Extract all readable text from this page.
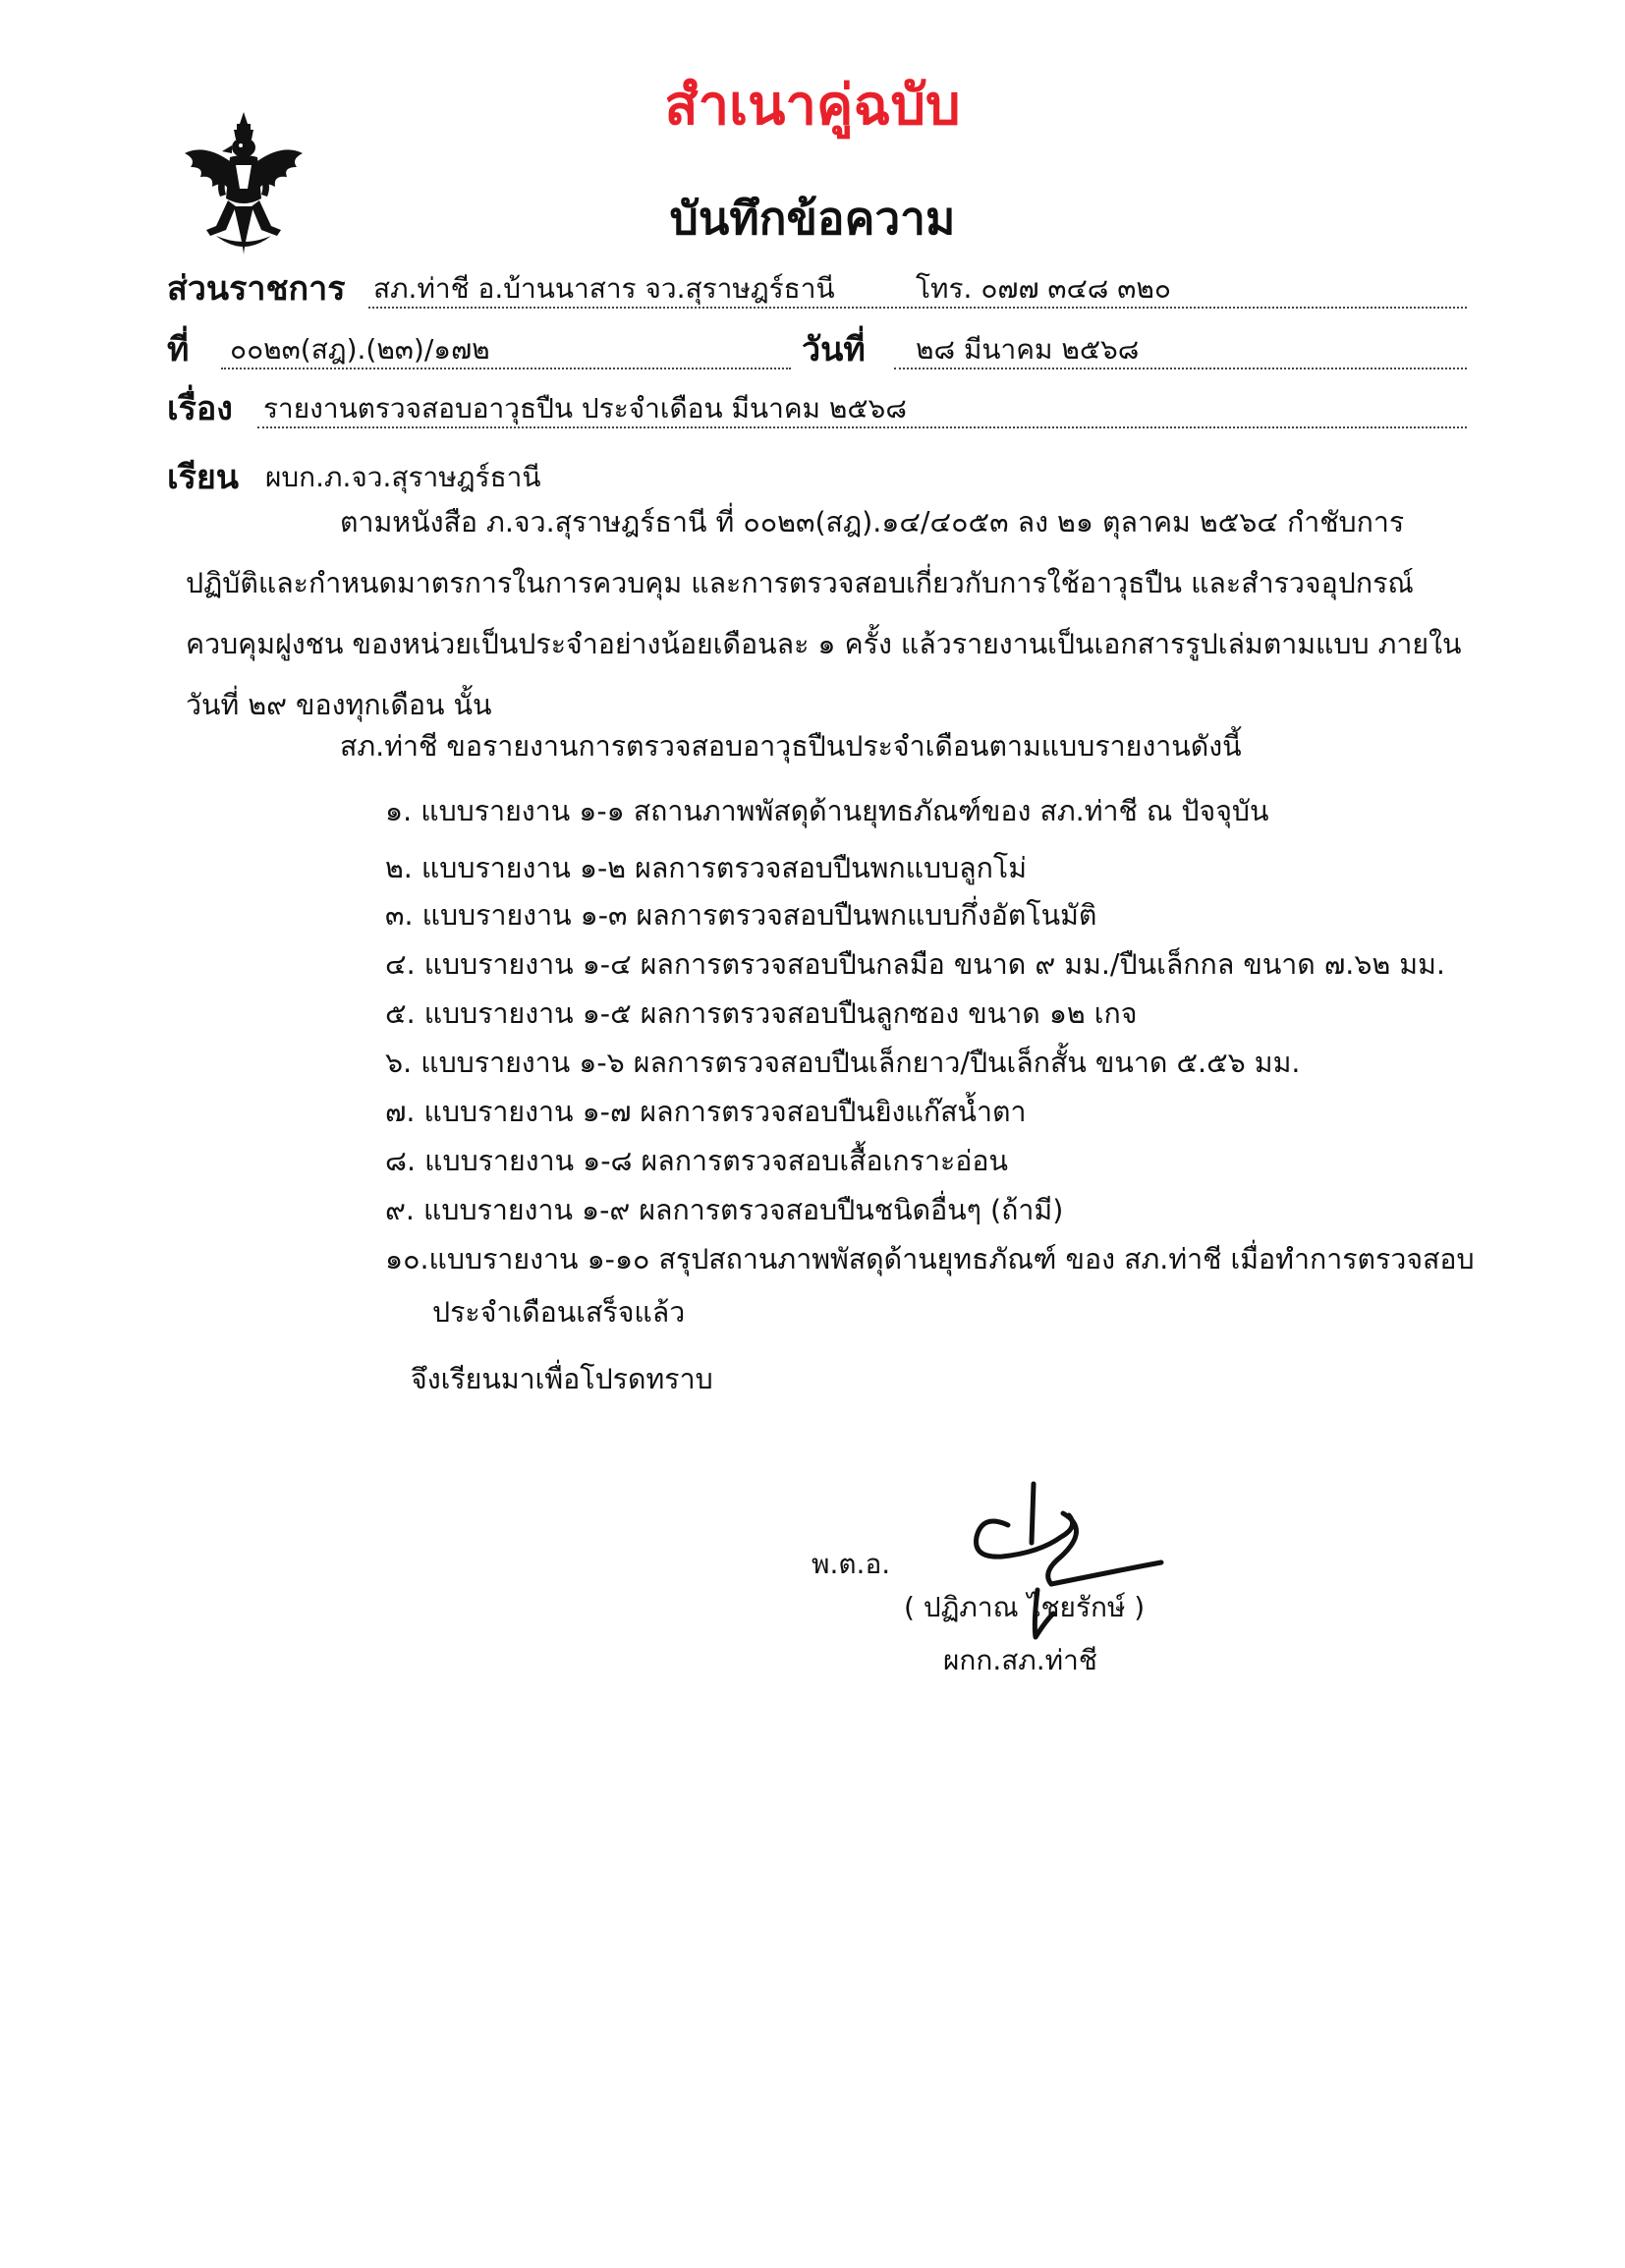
สำเนาคู่ฉบับ
บันทึกข้อความ
ส่วนราชการ สภ.ท่าชี อ.บ้านนาสาร จว.สุราษฎร์ธานี	โทร. ๐๗๗ ๓๔๘ ๓๒๐
ที่ ๐๐๒๓(สฎ).(๒๓)/๑๗๒	วันที่ ๒๘ มีนาคม ๒๕๖๘
เรื่อง รายงานตรวจสอบอาวุธปืน ประจำเดือน มีนาคม ๒๕๖๘
เรียน ผบก.ภ.จว.สุราษฎร์ธานี
ตามหนังสือ ภ.จว.สุราษฎร์ธานี ที่ ๐๐๒๓(สฎ).๑๔/๔๐๕๓ ลง ๒๑ ตุลาคม ๒๕๖๔ กำชับการ
ปฏิบัติและกำหนดมาตรการในการควบคุม และการตรวจสอบเกี่ยวกับการใช้อาวุธปืน และสำรวจอุปกรณ์
ควบคุมฝูงชน ของหน่วยเป็นประจำอย่างน้อยเดือนละ ๑ ครั้ง แล้วรายงานเป็นเอกสารรูปเล่มตามแบบ ภายใน
วันที่ ๒๙ ของทุกเดือน นั้น
สภ.ท่าชี ขอรายงานการตรวจสอบอาวุธปืนประจำเดือนตามแบบรายงานดังนี้
๑. แบบรายงาน ๑-๑ สถานภาพพัสดุด้านยุทธภัณฑ์ของ สภ.ท่าชี ณ ปัจจุบัน
๒. แบบรายงาน ๑-๒ ผลการตรวจสอบปืนพกแบบลูกโม่
๓. แบบรายงาน ๑-๓ ผลการตรวจสอบปืนพกแบบกึ่งอัตโนมัติ
๔. แบบรายงาน ๑-๔ ผลการตรวจสอบปืนกลมือ ขนาด ๙ มม./ปืนเล็กกล ขนาด ๗.๖๒ มม.
๕. แบบรายงาน ๑-๕ ผลการตรวจสอบปืนลูกซอง ขนาด ๑๒ เกจ
๖. แบบรายงาน ๑-๖ ผลการตรวจสอบปืนเล็กยาว/ปืนเล็กสั้น ขนาด ๕.๕๖ มม.
๗. แบบรายงาน ๑-๗ ผลการตรวจสอบปืนยิงแก๊สน้ำตา
๘. แบบรายงาน ๑-๘ ผลการตรวจสอบเสื้อเกราะอ่อน
๙. แบบรายงาน ๑-๙ ผลการตรวจสอบปืนชนิดอื่นๆ (ถ้ามี)
๑๐.แบบรายงาน ๑-๑๐ สรุปสถานภาพพัสดุด้านยุทธภัณฑ์ ของ สภ.ท่าชี เมื่อทำการตรวจสอบ
ประจำเดือนเสร็จแล้ว
จึงเรียนมาเพื่อโปรดทราบ
พ.ต.อ.
( ปฏิภาณ ไชยรักษ์ )
ผกก.สภ.ท่าชี
